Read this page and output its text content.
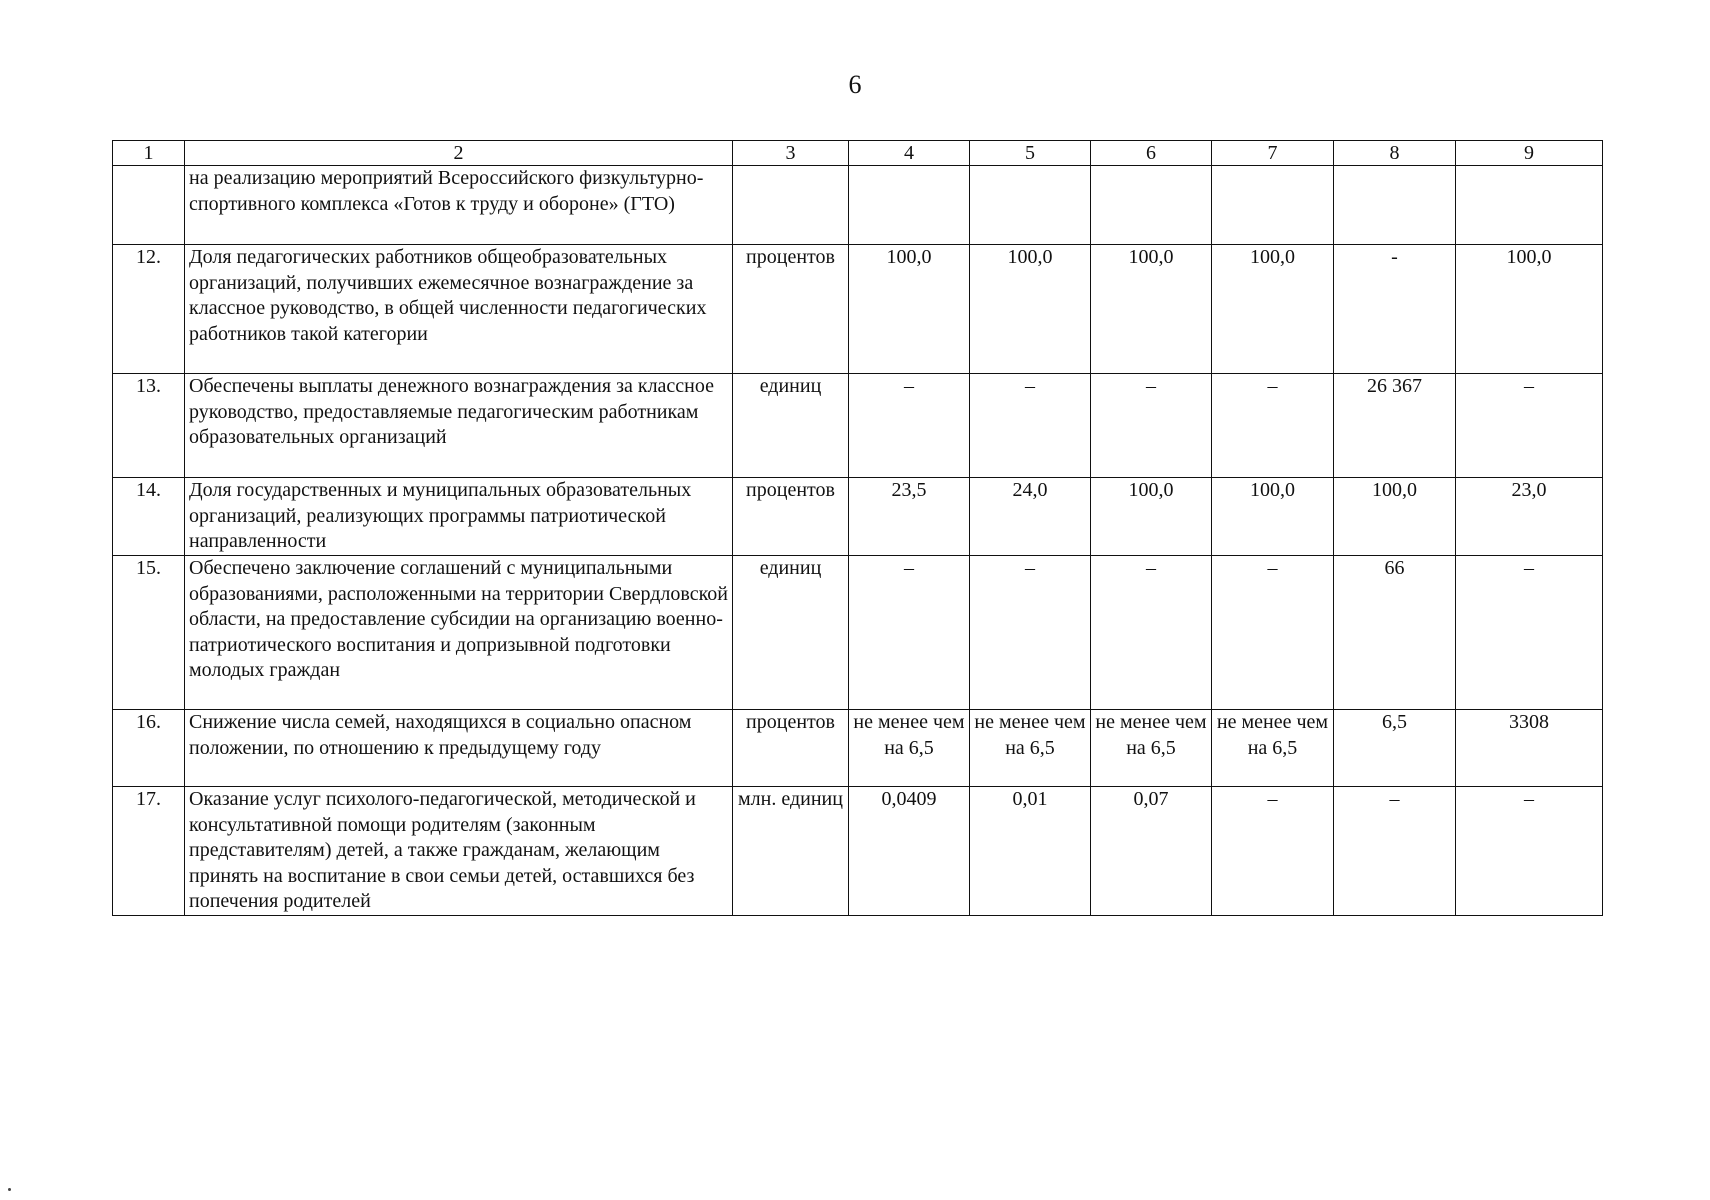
6
1	2	3	4	5	6	7	8	9
	на реализацию мероприятий Всероссийского физкультурно-спортивного комплекса «Готов к труду и обороне» (ГТО)							
12.	Доля педагогических работников общеобразовательных организаций, получивших ежемесячное вознаграждение за классное руководство, в общей численности педагогических работников такой категории	процентов	100,0	100,0	100,0	100,0	-	100,0
13.	Обеспечены выплаты денежного вознаграждения за классное руководство, предоставляемые педагогическим работникам образовательных организаций	единиц	–	–	–	–	26 367	–
14.	Доля государственных и муниципальных образовательных организаций, реализующих программы патриотической направленности	процентов	23,5	24,0	100,0	100,0	100,0	23,0
15.	Обеспечено заключение соглашений с муниципальными образованиями, расположенными на территории Свердловской области, на предоставление субсидии на организацию военно-патриотического воспитания и допризывной подготовки молодых граждан	единиц	–	–	–	–	66	–
16.	Снижение числа семей, находящихся в социально опасном положении, по отношению к предыдущему году	процентов	не менее чем на 6,5	не менее чем на 6,5	не менее чем на 6,5	не менее чем на 6,5	6,5	3308
17.	Оказание услуг психолого-педагогической, методической и консультативной помощи родителям (законным представителям) детей, а также гражданам, желающим принять на воспитание в свои семьи детей, оставшихся без попечения родителей	млн. единиц	0,0409	0,01	0,07	–	–	–
